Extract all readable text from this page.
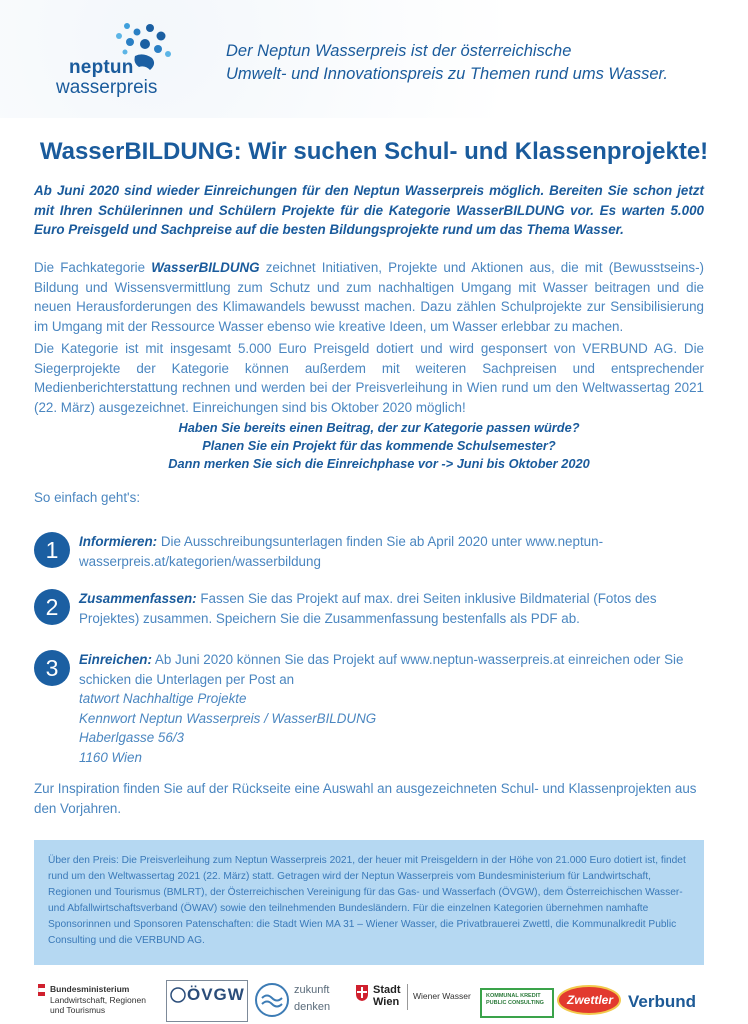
neptun
wasserpreis
Der Neptun Wasserpreis ist der österreichische
Umwelt- und Innovationspreis zu Themen rund ums Wasser.
WasserBILDUNG: Wir suchen Schul- und Klassenprojekte!
Ab Juni 2020 sind wieder Einreichungen für den Neptun Wasserpreis möglich. Bereiten Sie schon jetzt mit Ihren Schülerinnen und Schülern Projekte für die Kategorie WasserBILDUNG vor. Es warten 5.000 Euro Preisgeld und Sachpreise auf die besten Bildungsprojekte rund um das Thema Wasser.
Die Fachkategorie WasserBILDUNG zeichnet Initiativen, Projekte und Aktionen aus, die mit (Bewusstseins-) Bildung und Wissensvermittlung zum Schutz und zum nachhaltigen Umgang mit Wasser beitragen und die neuen Herausforderungen des Klimawandels bewusst machen. Dazu zählen Schulprojekte zur Sensibilisierung im Umgang mit der Ressource Wasser ebenso wie kreative Ideen, um Wasser erlebbar zu machen.
Die Kategorie ist mit insgesamt 5.000 Euro Preisgeld dotiert und wird gesponsert von VERBUND AG. Die Siegerprojekte der Kategorie können außerdem mit weiteren Sachpreisen und entsprechender Medienberichterstattung rechnen und werden bei der Preisverleihung in Wien rund um den Weltwassertag 2021 (22. März) ausgezeichnet. Einreichungen sind bis Oktober 2020 möglich!
Haben Sie bereits einen Beitrag, der zur Kategorie passen würde?
Planen Sie ein Projekt für das kommende Schulsemester?
Dann merken Sie sich die Einreichphase vor -> Juni bis Oktober 2020
So einfach geht's:
1	Informieren: Die Ausschreibungsunterlagen finden Sie ab April 2020 unter www.neptun-wasserpreis.at/kategorien/wasserbildung
2	Zusammenfassen: Fassen Sie das Projekt auf max. drei Seiten inklusive Bildmaterial (Fotos des Projektes) zusammen. Speichern Sie die Zusammenfassung bestenfalls als PDF ab.
3	Einreichen: Ab Juni 2020 können Sie das Projekt auf www.neptun-wasserpreis.at einreichen oder Sie schicken die Unterlagen per Post an
tatwort Nachhaltige Projekte
Kennwort Neptun Wasserpreis / WasserBILDUNG
Haberlgasse 56/3
1160 Wien
Zur Inspiration finden Sie auf der Rückseite eine Auswahl an ausgezeichneten Schul- und Klassenprojekten aus den Vorjahren.

Über den Preis: Die Preisverleihung zum Neptun Wasserpreis 2021, der heuer mit Preisgeldern in der Höhe von 21.000 Euro dotiert ist, findet rund um den Weltwassertag 2021 (22. März) statt. Getragen wird der Neptun Wasserpreis vom Bundesministerium für Landwirtschaft, Regionen und Tourismus (BMLRT), der Österreichischen Vereinigung für das Gas- und Wasserfach (ÖVGW), dem Österreichischen Wasser- und Abfallwirtschaftsverband (ÖWAV) sowie den teilnehmenden Bundesländern. Für die einzelnen Kategorien übernehmen namhafte Sponsorinnen und Sponsoren Patenschaften: die Stadt Wien MA 31 – Wiener Wasser, die Privatbrauerei Zwettl, die Kommunalkredit Public Consulting und die VERBUND AG.

Bundesministerium
Landwirtschaft, Regionen
und Tourismus
ÖVGW	zukunft
denken
Stadt
Wien Wiener Wasser	KOMMUNAL KREDIT PUBLIC CONSULTING	Zwettler Verbund
